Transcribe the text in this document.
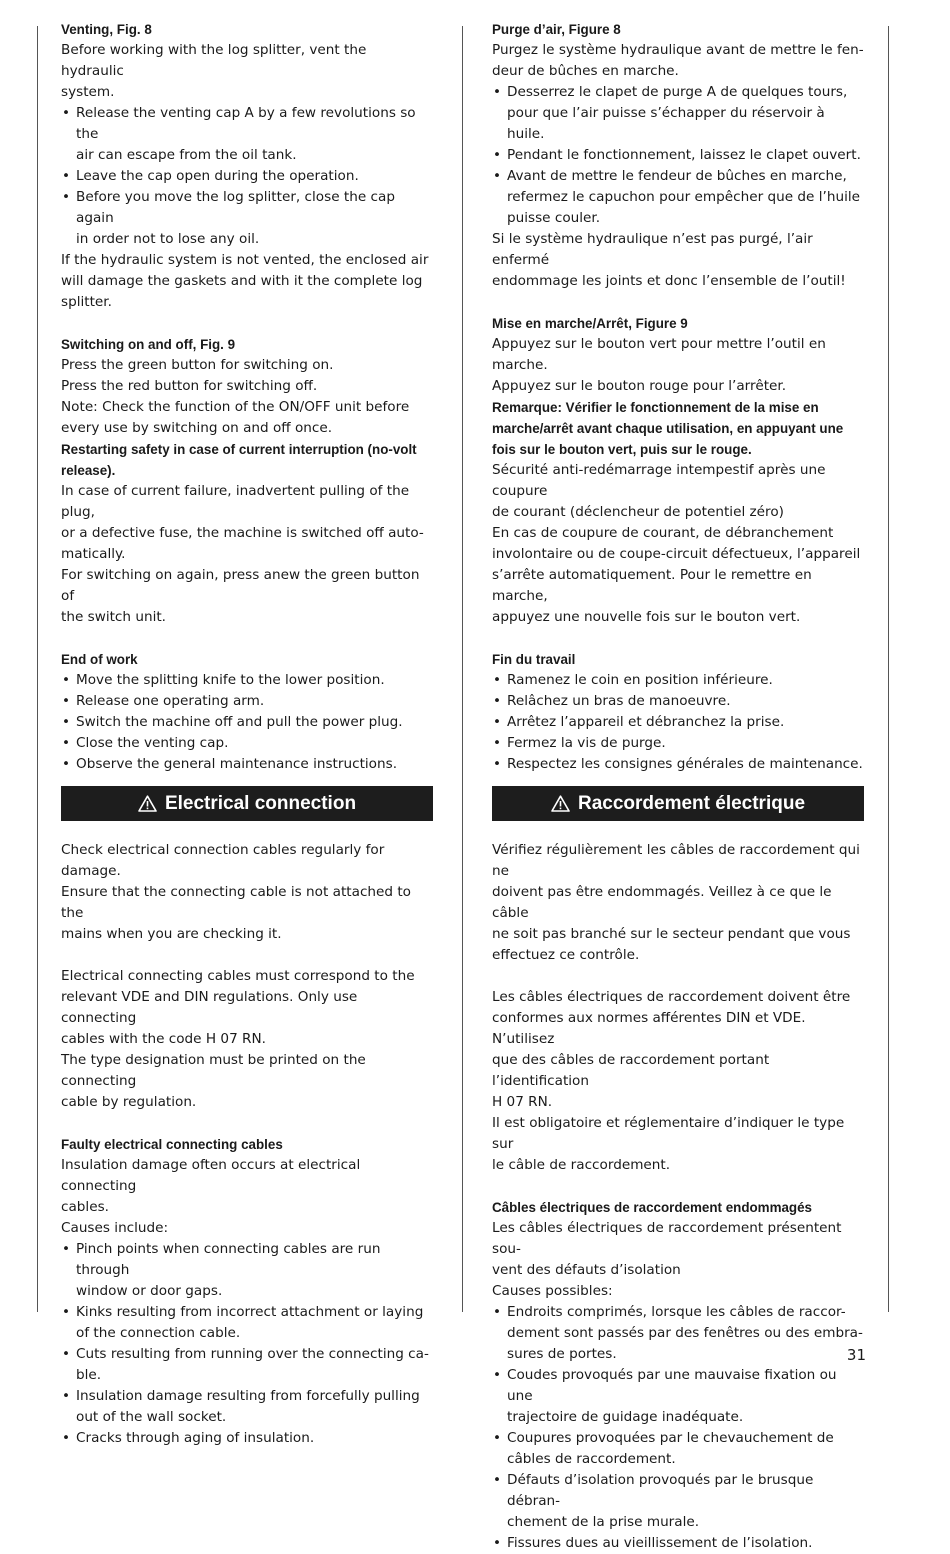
Venting, Fig. 8

Before working with the log splitter, vent the hydraulic

system.

• Release the venting cap A by a few revolutions so the
air can escape from the oil tank.
• Leave the cap open during the operation.
• Before you move the log splitter, close the cap again
in order not to lose any oil.

If the hydraulic system is not vented, the enclosed air

will damage the gaskets and with it the complete log

splitter.

Switching on and off, Fig. 9

Press the green button for switching on.

Press the red button for switching off.

Note: Check the function of the ON/OFF unit before

every use by switching on and off once.

Restarting safety in case of current interruption (no-volt

release).

In case of current failure, inadvertent pulling of the plug,

or a defective fuse, the machine is switched off auto-

matically.

For switching on again, press anew the green button of

the switch unit.

End of work

• Move the splitting knife to the lower position.
• Release one operating arm.
• Switch the machine off and pull the power plug.
• Close the venting cap.
• Observe the general maintenance instructions.
Electrical connection

Check electrical connection cables regularly for damage.

Ensure that the connecting cable is not attached to the

mains when you are checking it.

Electrical connecting cables must correspond to the

relevant VDE and DIN regulations. Only use connecting

cables with the code H 07 RN.

The type designation must be printed on the connecting

cable by regulation.

Faulty electrical connecting cables

Insulation damage often occurs at electrical connecting

cables.

Causes include:

• Pinch points when connecting cables are run through
window or door gaps.
• Kinks resulting from incorrect attachment or laying
of the connection cable.
• Cuts resulting from running over the connecting ca-
ble.
• Insulation damage resulting from forcefully pulling
out of the wall socket.
• Cracks through aging of insulation.

Purge d’air, Figure 8

Purgez le système hydraulique avant de mettre le fen-

deur de bûches en marche.

• Desserrez le clapet de purge A de quelques tours,
pour que l’air puisse s’échapper du réservoir à huile.
• Pendant le fonctionnement, laissez le clapet ouvert.
• Avant de mettre le fendeur de bûches en marche,
refermez le capuchon pour empêcher que de l’huile
puisse couler.

Si le système hydraulique n’est pas purgé, l’air enfermé

endommage les joints et donc l’ensemble de l’outil!

Mise en marche/Arrêt, Figure 9

Appuyez sur le bouton vert pour mettre l’outil en marche.

Appuyez sur le bouton rouge pour l’arrêter.

Remarque: Vérifier le fonctionnement de la mise en

marche/arrêt avant chaque utilisation, en appuyant une

fois sur le bouton vert, puis sur le rouge.

Sécurité anti-redémarrage intempestif après une coupure

de courant (déclencheur de potentiel zéro)

En cas de coupure de courant, de débranchement

involontaire ou de coupe-circuit défectueux, l’appareil

s’arrête automatiquement. Pour le remettre en marche,

appuyez une nouvelle fois sur le bouton vert.

Fin du travail

• Ramenez le coin en position inférieure.
• Relâchez un bras de manoeuvre.
• Arrêtez l’appareil et débranchez la prise.
• Fermez la vis de purge.
• Respectez les consignes générales de maintenance.
Raccordement électrique

Vérifiez régulièrement les câbles de raccordement qui ne

doivent pas être endommagés. Veillez à ce que le câble

ne soit pas branché sur le secteur pendant que vous

effectuez ce contrôle.

Les câbles électriques de raccordement doivent être

conformes aux normes afférentes DIN et VDE. N’utilisez

que des câbles de raccordement portant l’identification

H 07 RN.

Il est obligatoire et réglementaire d’indiquer le type sur

le câble de raccordement.

Câbles électriques de raccordement endommagés

Les câbles électriques de raccordement présentent sou-

vent des défauts d’isolation

Causes possibles:

• Endroits comprimés, lorsque les câbles de raccor-
dement sont passés par des fenêtres ou des embra-
sures de portes.
• Coudes provoqués par une mauvaise fixation ou une
trajectoire de guidage inadéquate.
• Coupures provoquées par le chevauchement de
câbles de raccordement.
• Défauts d’isolation provoqués par le brusque débran-
chement de la prise murale.
• Fissures dues au vieillissement de l’isolation.
31
